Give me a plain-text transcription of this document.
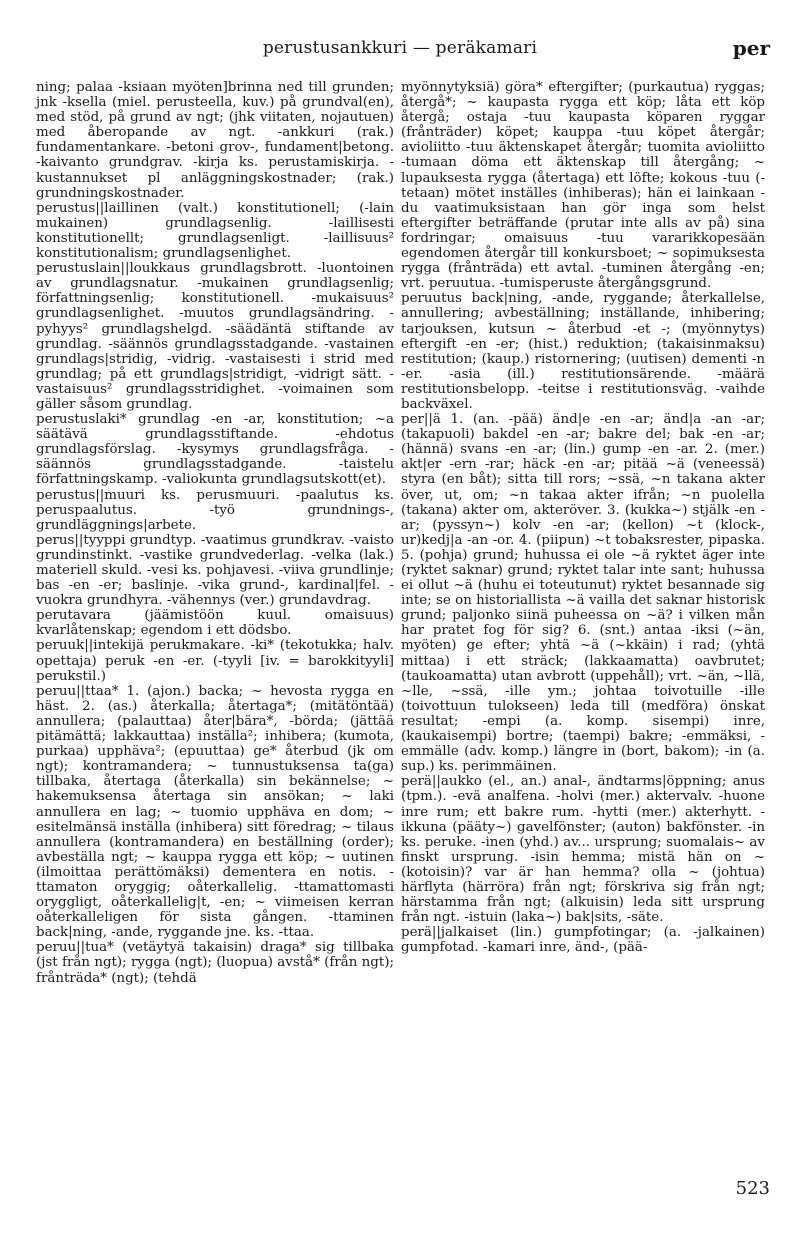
perustusankkuri — peräkamari	per

ning; palaa -ksiaan myöten]brinna ned till grunden; jnk -ksella (miel. perusteella, kuv.) på grundval(en), med stöd, på grund av ngt; (jhk viitaten, nojautuen) med åberopande av ngt. -ankkuri (rak.) fundamentankare. -betoni grov-, fundament|betong. -kaivanto grundgrav. -kirja ks. perustamiskirja. -kustannukset pl anläggningskostnader; (rak.) grundningskostnader.

perustus||laillinen (valt.) konstitutionell; (-lain mukainen) grundlagsenlig. -laillisesti konstitutionellt; grundlagsenligt. -laillisuus² konstitutionalism; grundlagsenlighet.

perustuslain||loukkaus grundlagsbrott. -luontoinen av grundlagsnatur. -mukainen grundlagsenlig; författningsenlig; konstitutionell. -mukaisuus² grundlagsenlighet. -muutos grundlagsändring. -pyhyys² grundlagshelgd. -säädäntä stiftande av grundlag. -säännös grundlagsstadgande. -vastainen grundlags|stridig, -vidrig. -vastaisesti i strid med grundlag; på ett grundlags|stridigt, -vidrigt sätt. -vastaisuus² grundlagsstridighet. -voimainen som gäller såsom grundlag.

perustuslaki* grundlag -en -ar, konstitution; ~a säätävä grundlagsstiftande. -ehdotus grundlagsförslag. -kysymys grundlagsfråga. -säännös grundlagsstadgande. -taistelu författningskamp. -valiokunta grundlagsutskott(et).

perustus||muuri ks. perusmuuri. -paalutus ks. peruspaalutus. -työ grundnings-, grundläggnings|arbete.

perus||tyyppi grundtyp. -vaatimus grundkrav. -vaisto grundinstinkt. -vastike grundvederlag. -velka (lak.) materiell skuld. -vesi ks. pohjavesi. -viiva grundlinje; bas -en -er; baslinje. -vika grund-, kardinal|fel. -vuokra grundhyra. -vähennys (ver.) grundavdrag.

perutavara (jäämistöön kuul. omaisuus) kvarlåtenskap; egendom i ett dödsbo.

peruuk||intekijä perukmakare. -ki* (tekotukka; halv. opettaja) peruk -en -er. (-tyyli [iv. = barokkityyli] perukstil.)

peruu||ttaa* 1. (ajon.) backa; ~ hevosta rygga en häst. 2. (as.) återkalla; återtaga*; (mitätöntää) annullera; (palauttaa) åter|bära*, -börda; (jättää pitämättä; lakkauttaa) inställa²; inhibera; (kumota, purkaa) upphäva²; (epuuttaa) ge* återbud (jk om ngt); kontramandera; ~ tunnustuksensa ta(ga) tillbaka, återtaga (återkalla) sin bekännelse; ~ hakemuksensa återtaga sin ansökan; ~ laki annullera en lag; ~ tuomio upphäva en dom; ~ esitelmänsä inställa (inhibera) sitt föredrag; ~ tilaus annullera (kontramandera) en beställning (order); avbeställa ngt; ~ kauppa rygga ett köp; ~ uutinen (ilmoittaa perättömäksi) dementera en notis. -ttamaton oryggig; oåterkallelig. -ttamattomasti oryggligt, oåterkallelig|t, -en; ~ viimeisen kerran oåterkalleligen för sista gången. -ttaminen back|ning, -ande, ryggande jne. ks. -ttaa.

peruu||tua* (vetäytyä takaisin) draga* sig tillbaka (jst från ngt); rygga (ngt); (luopua) avstå* (från ngt); frånträda* (ngt); (tehdä

myönnytyksiä) göra* eftergifter; (purkautua) ryggas; återgå*; ~ kaupasta rygga ett köp; låta ett köp återgå; ostaja -tuu kaupasta köparen ryggar (frånträder) köpet; kauppa -tuu köpet återgår; avioliitto -tuu äktenskapet återgår; tuomita avioliitto -tumaan döma ett äktenskap till återgång; ~ lupauksesta rygga (återtaga) ett löfte; kokous -tuu (-tetaan) mötet inställes (inhiberas); hän ei lainkaan -du vaatimuksistaan han gör inga som helst eftergifter beträffande (prutar inte alls av på) sina fordringar; omaisuus -tuu vararikkopesään egendomen återgår till konkursboet; ~ sopimuksesta rygga (frånträda) ett avtal. -tuminen återgång -en; vrt. peruutua. -tumisperuste återgångsgrund.

peruutus back|ning, -ande, ryggande; återkallelse, annullering; avbeställning; inställande, inhibering; tarjouksen, kutsun ~ återbud -et -; (myönnytys) eftergift -en -er; (hist.) reduktion; (takaisinmaksu) restitution; (kaup.) ristornering; (uutisen) dementi -n -er. -asia (ill.) restitutionsärende. -määrä restitutionsbelopp. -teitse i restitutionsväg. -vaihde backväxel.

per||ä 1. (an. -pää) änd|e -en -ar; änd|a -an -ar; (takapuoli) bakdel -en -ar; bakre del; bak -en -ar; (hännä) svans -en -ar; (lin.) gump -en -ar. 2. (mer.) akt|er -ern -rar; häck -en -ar; pitää ~ä (veneessä) styra (en båt); sitta till rors; ~ssä, ~n takana akter över, ut, om; ~n takaa akter ifrån; ~n puolella (takana) akter om, akteröver. 3. (kukka~) stjälk -en -ar; (pyssyn~) kolv -en -ar; (kellon) ~t (klock-, ur)kedj|a -an -or. 4. (piipun) ~t tobaksrester, pipaska. 5. (pohja) grund; huhussa ei ole ~ä ryktet äger inte (ryktet saknar) grund; ryktet talar inte sant; huhussa ei ollut ~ä (huhu ei toteutunut) ryktet besannade sig inte; se on historiallista ~ä vailla det saknar historisk grund; paljonko siinä puheessa on ~ä? i vilken mån har pratet fog för sig? 6. (snt.) antaa -iksi (~än, myöten) ge efter; yhtä ~ä (~kkäin) i rad; (yhtä mittaa) i ett sträck; (lakkaamatta) oavbrutet; (taukoamatta) utan avbrott (uppehåll); vrt. ~än, ~llä, ~lle, ~ssä, -ille ym.; johtaa toivotuille -ille (toivottuun tulokseen) leda till (medföra) önskat resultat; -empi (a. komp. sisempi) inre, (kaukaisempi) bortre; (taempi) bakre; -emmäksi, -emmälle (adv. komp.) längre in (bort, bakom); -in (a. sup.) ks. perimmäinen.

perä||aukko (el., an.) anal-, ändtarms|öppning; anus (tpm.). -evä analfena. -holvi (mer.) aktervalv. -huone inre rum; ett bakre rum. -hytti (mer.) akterhytt. -ikkuna (pääty~) gavelfönster; (auton) bakfönster. -in ks. peruke. -inen (yhd.) av... ursprung; suomalais~ av finskt ursprung. -isin hemma; mistä hän on ~ (kotoisin)? var är han hemma? olla ~ (johtua) härflyta (härröra) från ngt; förskriva sig från ngt; härstamma från ngt; (alkuisin) leda sitt ursprung från ngt. -istuin (laka~) bak|sits, -säte.

perä||jalkaiset (lin.) gumpfotingar; (a. -jalkainen) gumpfotad. -kamari inre, änd-, (pää-

523
